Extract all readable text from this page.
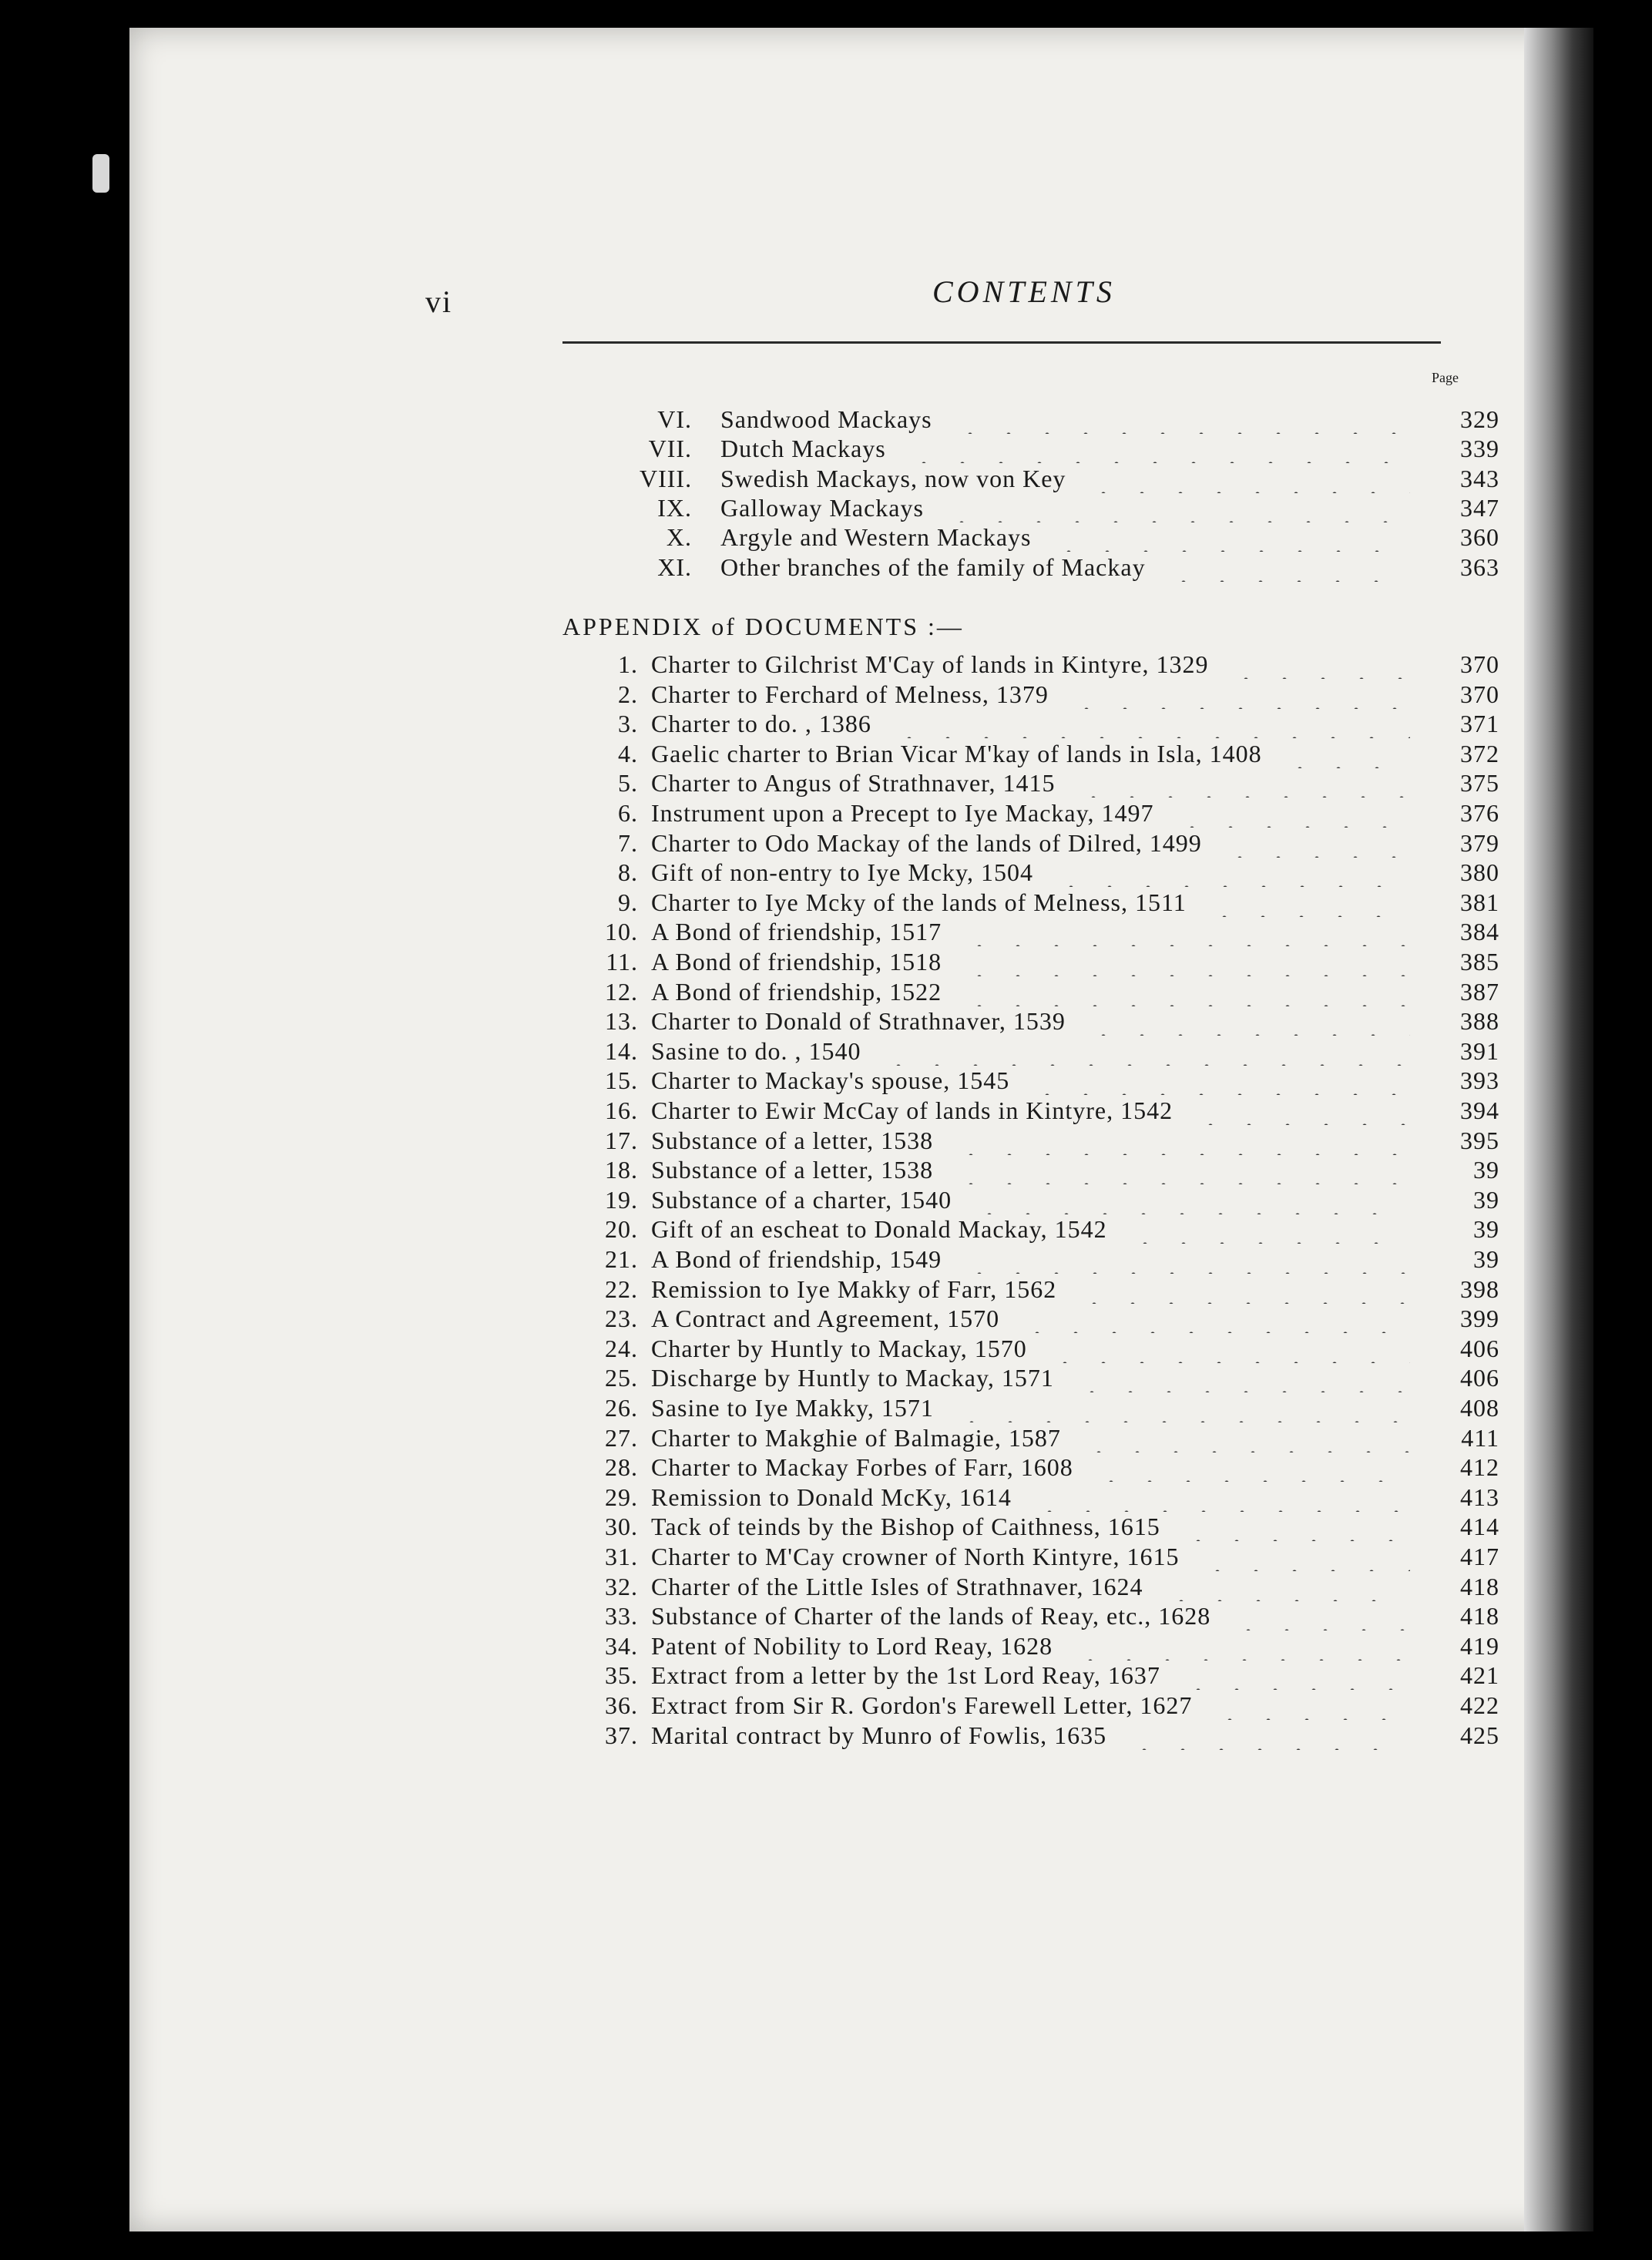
vi	CONTENTS
Page
VI. Sandwood Mackays	329
VII. Dutch Mackays	339
VIII. Swedish Mackays, now von Key	343
IX. Galloway Mackays	347
X. Argyle and Western Mackays	360
XI. Other branches of the family of Mackay	363
APPENDIX of DOCUMENTS :—
1. Charter to Gilchrist M'Cay of lands in Kintyre, 1329	370
2. Charter to Ferchard of Melness, 1379	370
3. Charter to do. , 1386	371
4. Gaelic charter to Brian Vicar M'kay of lands in Isla, 1408	372
5. Charter to Angus of Strathnaver, 1415	375
6. Instrument upon a Precept to Iye Mackay, 1497	376
7. Charter to Odo Mackay of the lands of Dilred, 1499	379
8. Gift of non-entry to Iye Mcky, 1504	380
9. Charter to Iye Mcky of the lands of Melness, 1511	381
10. A Bond of friendship, 1517	384
11. A Bond of friendship, 1518	385
12. A Bond of friendship, 1522	387
13. Charter to Donald of Strathnaver, 1539	388
14. Sasine to do. , 1540	391
15. Charter to Mackay's spouse, 1545	393
16. Charter to Ewir McCay of lands in Kintyre, 1542	394
17. Substance of a letter, 1538	395
18. Substance of a letter, 1538	39
19. Substance of a charter, 1540	39
20. Gift of an escheat to Donald Mackay, 1542	39
21. A Bond of friendship, 1549	39
22. Remission to Iye Makky of Farr, 1562	398
23. A Contract and Agreement, 1570	399
24. Charter by Huntly to Mackay, 1570	406
25. Discharge by Huntly to Mackay, 1571	406
26. Sasine to Iye Makky, 1571	408
27. Charter to Makghie of Balmagie, 1587	411
28. Charter to Mackay Forbes of Farr, 1608	412
29. Remission to Donald McKy, 1614	413
30. Tack of teinds by the Bishop of Caithness, 1615	414
31. Charter to M'Cay crowner of North Kintyre, 1615	417
32. Charter of the Little Isles of Strathnaver, 1624	418
33. Substance of Charter of the lands of Reay, etc., 1628	418
34. Patent of Nobility to Lord Reay, 1628	419
35. Extract from a letter by the 1st Lord Reay, 1637	421
36. Extract from Sir R. Gordon's Farewell Letter, 1627	422
37. Marital contract by Munro of Fowlis, 1635	425
